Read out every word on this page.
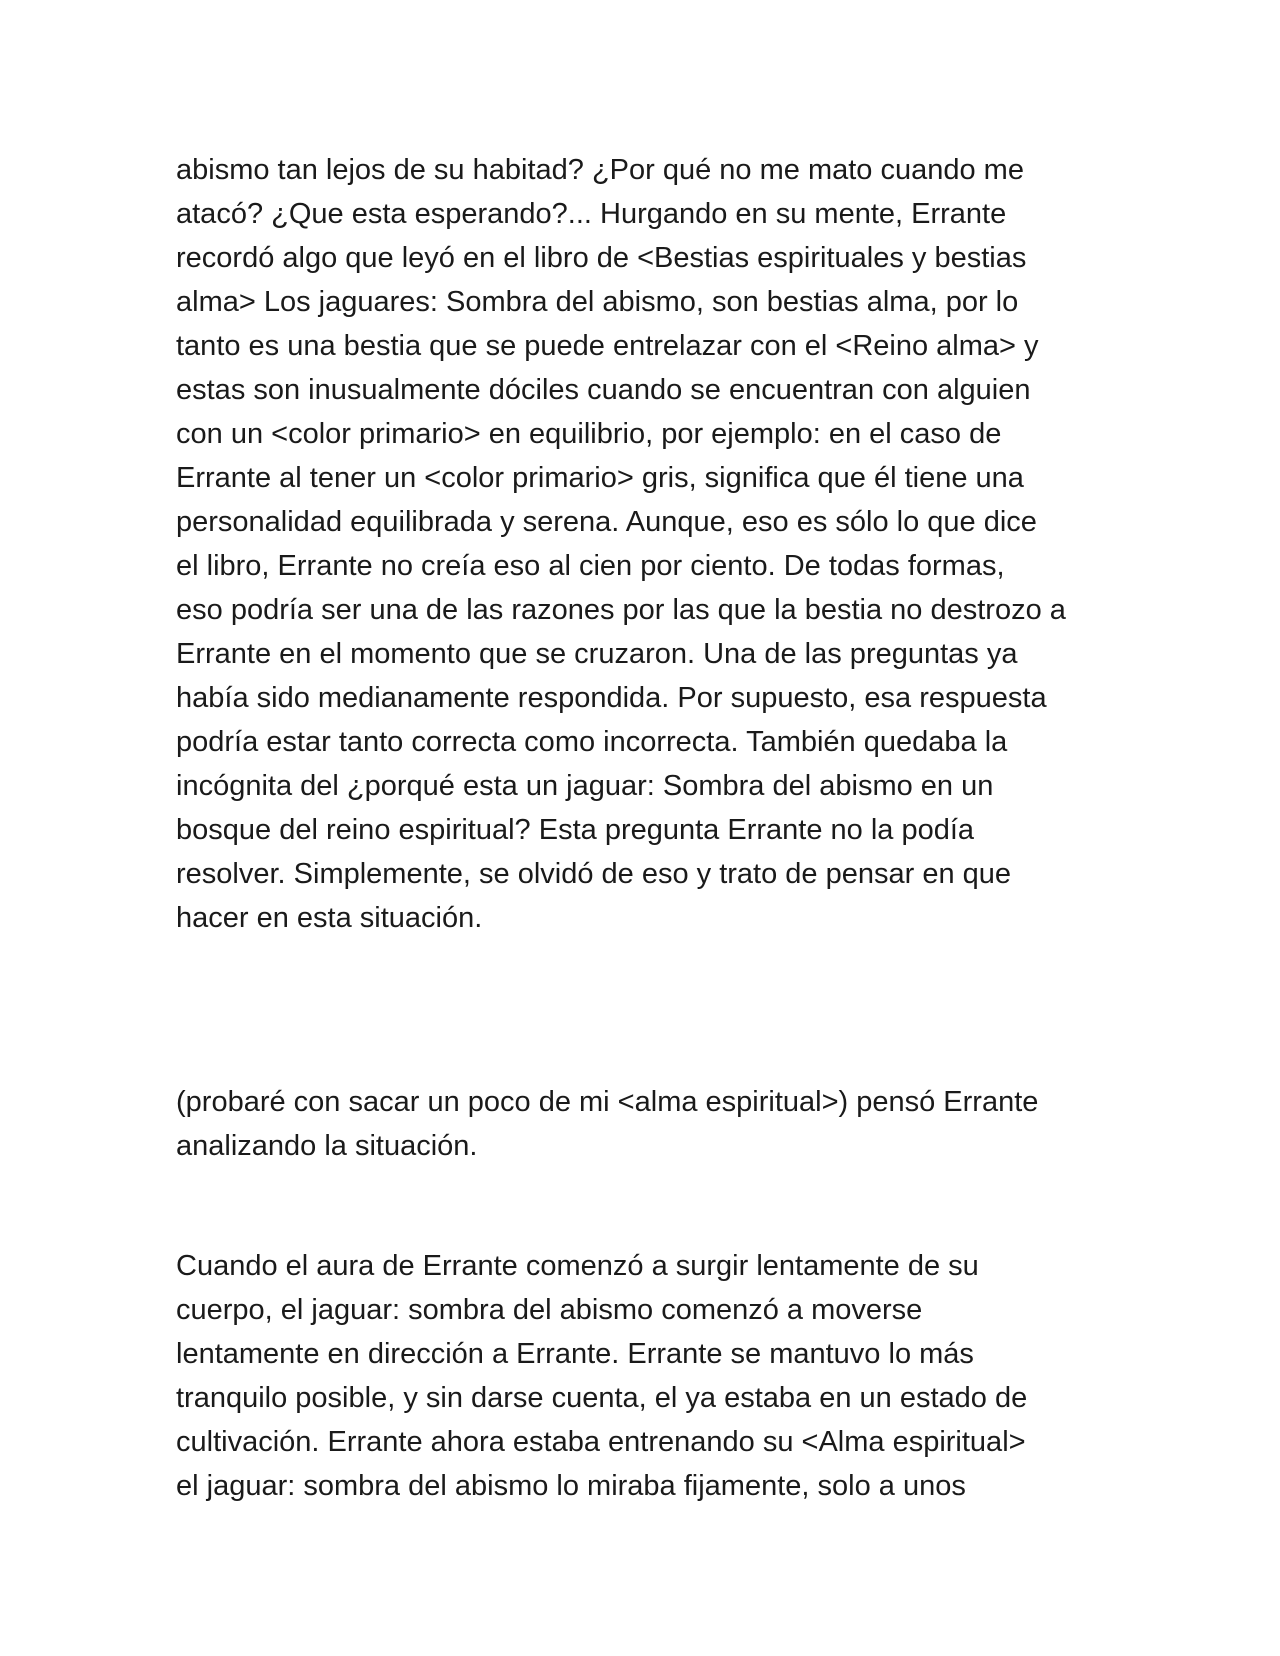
abismo tan lejos de su habitad? ¿Por qué no me mato cuando me
atacó? ¿Que esta esperando?... Hurgando en su mente, Errante
recordó algo que leyó en el libro de <Bestias espirituales y bestias
alma> Los jaguares: Sombra del abismo, son bestias alma, por lo
tanto es una bestia que se puede entrelazar con el <Reino alma> y
estas son inusualmente dóciles cuando se encuentran con alguien
con un <color primario> en equilibrio, por ejemplo: en el caso de
Errante al tener un <color primario> gris, significa que él tiene una
personalidad equilibrada y serena. Aunque, eso es sólo lo que dice
el libro, Errante no creía eso al cien por ciento. De todas formas,
eso podría ser una de las razones por las que la bestia no destrozo a
Errante en el momento que se cruzaron. Una de las preguntas ya
había sido medianamente respondida. Por supuesto, esa respuesta
podría estar tanto correcta como incorrecta. También quedaba la
incógnita del ¿porqué esta un jaguar: Sombra del abismo en un
bosque del reino espiritual? Esta pregunta Errante no la podía
resolver. Simplemente, se olvidó de eso y trato de pensar en que
hacer en esta situación.
(probaré con sacar un poco de mi <alma espiritual>) pensó Errante
analizando la situación.
Cuando el aura de Errante comenzó a surgir lentamente de su
cuerpo, el jaguar: sombra del abismo comenzó a moverse
lentamente en dirección a Errante. Errante se mantuvo lo más
tranquilo posible, y sin darse cuenta, el ya estaba en un estado de
cultivación. Errante ahora estaba entrenando su <Alma espiritual>
el jaguar: sombra del abismo lo miraba fijamente, solo a unos
